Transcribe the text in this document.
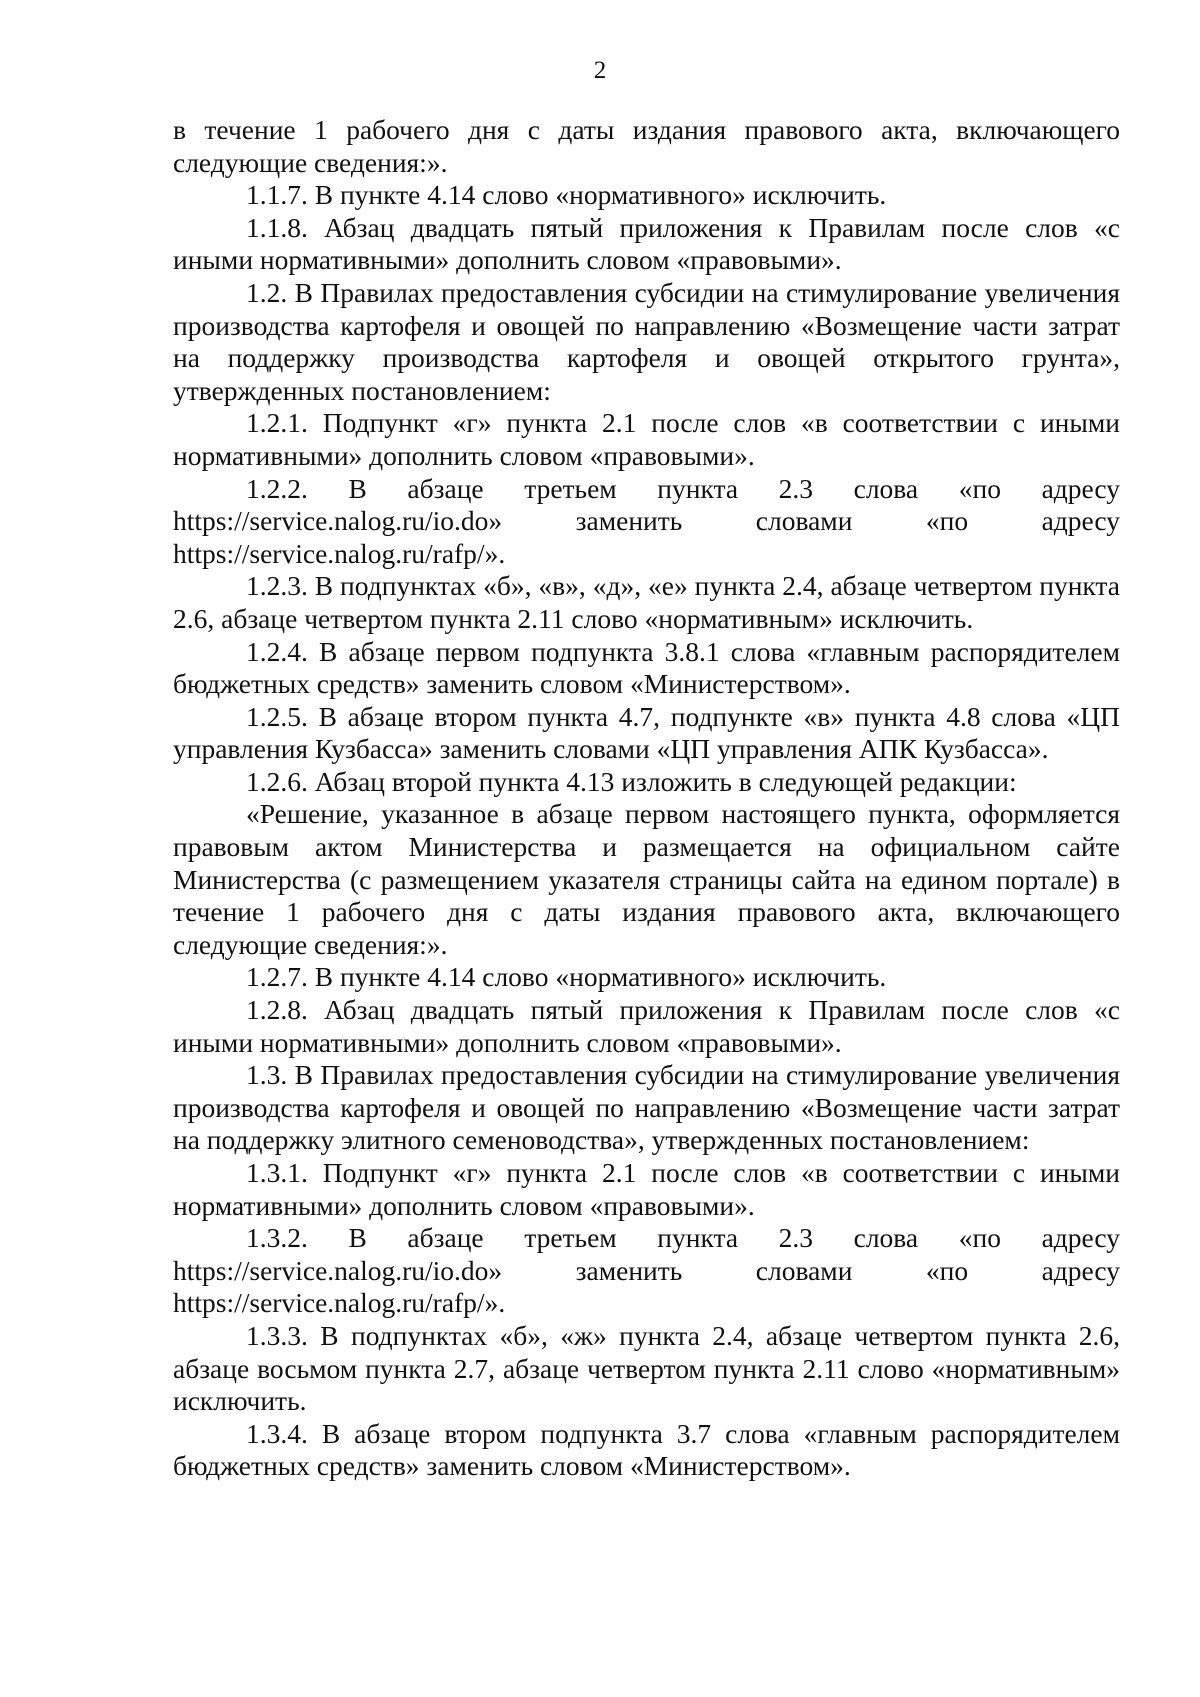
2

в течение 1 рабочего дня с даты издания правового акта, включающего следующие сведения:».

1.1.7. В пункте 4.14 слово «нормативного» исключить.

1.1.8. Абзац двадцать пятый приложения к Правилам после слов «с иными нормативными» дополнить словом «правовыми».

1.2. В Правилах предоставления субсидии на стимулирование увеличения производства картофеля и овощей по направлению «Возмещение части затрат на поддержку производства картофеля и овощей открытого грунта», утвержденных постановлением:

1.2.1. Подпункт «г» пункта 2.1 после слов «в соответствии с иными нормативными» дополнить словом «правовыми».

1.2.2. В абзаце третьем пункта 2.3 слова «по адресу https://service.nalog.ru/io.do» заменить словами «по адресу https://service.nalog.ru/rafp/».

1.2.3. В подпунктах «б», «в», «д», «е» пункта 2.4, абзаце четвертом пункта 2.6, абзаце четвертом пункта 2.11 слово «нормативным» исключить.

1.2.4. В абзаце первом подпункта 3.8.1 слова «главным распорядителем бюджетных средств» заменить словом «Министерством».

1.2.5. В абзаце втором пункта 4.7, подпункте «в» пункта 4.8 слова «ЦП управления Кузбасса» заменить словами «ЦП управления АПК Кузбасса».

1.2.6. Абзац второй пункта 4.13 изложить в следующей редакции:

«Решение, указанное в абзаце первом настоящего пункта, оформляется правовым актом Министерства и размещается на официальном сайте Министерства (с размещением указателя страницы сайта на едином портале) в течение 1 рабочего дня с даты издания правового акта, включающего следующие сведения:».

1.2.7. В пункте 4.14 слово «нормативного» исключить.

1.2.8. Абзац двадцать пятый приложения к Правилам после слов «с иными нормативными» дополнить словом «правовыми».

1.3. В Правилах предоставления субсидии на стимулирование увеличения производства картофеля и овощей по направлению «Возмещение части затрат на поддержку элитного семеноводства», утвержденных постановлением:

1.3.1. Подпункт «г» пункта 2.1 после слов «в соответствии с иными нормативными» дополнить словом «правовыми».

1.3.2. В абзаце третьем пункта 2.3 слова «по адресу https://service.nalog.ru/io.do» заменить словами «по адресу https://service.nalog.ru/rafp/».

1.3.3. В подпунктах «б», «ж» пункта 2.4, абзаце четвертом пункта 2.6, абзаце восьмом пункта 2.7, абзаце четвертом пункта 2.11 слово «нормативным» исключить.

1.3.4. В абзаце втором подпункта 3.7 слова «главным распорядителем бюджетных средств» заменить словом «Министерством».
